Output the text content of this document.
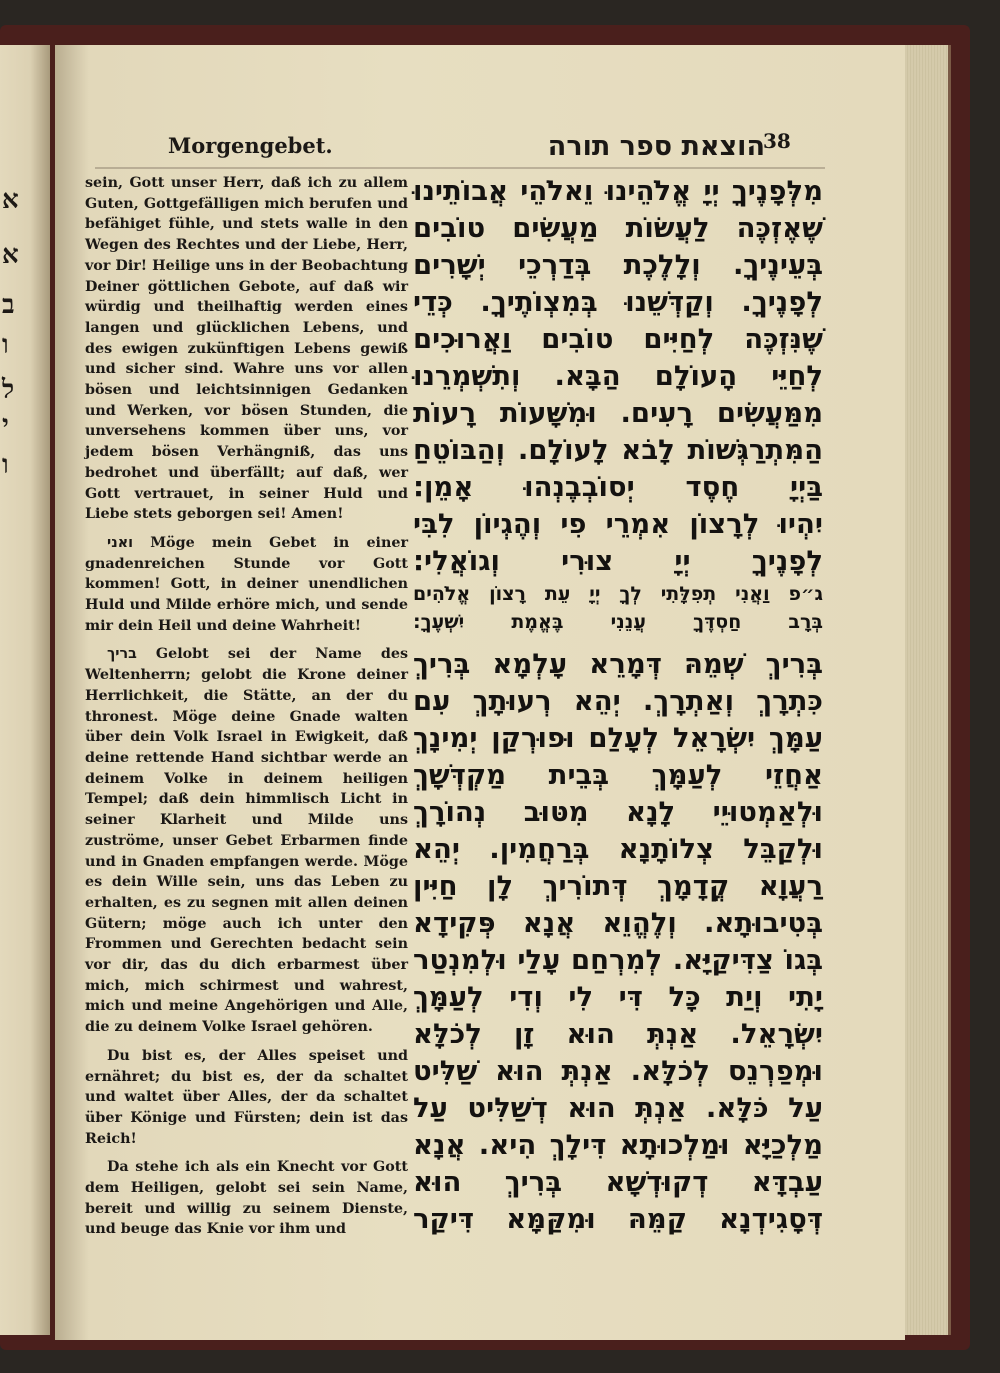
א
א
ב
ו
ל
י
ו
Morgengebet.	הוצאת ספר תורה
38

sein, Gott unser Herr, daß ich zu allem Guten, Gottgefälligen mich berufen und befähiget fühle, und stets walle in den Wegen des Rechtes und der Liebe, Herr, vor Dir! Heilige uns in der Beobachtung Deiner göttlichen Gebote, auf daß wir würdig und theilhaftig werden eines langen und glücklichen Lebens, und des ewigen zukünftigen Lebens gewiß und sicher sind. Wahre uns vor allen bösen und leichtsinnigen Gedanken und Werken, vor bösen Stunden, die unversehens kommen über uns, vor jedem bösen Verhängniß, das uns bedrohet und überfällt; auf daß, wer Gott vertrauet, in seiner Huld und Liebe stets geborgen sei! Amen!

ואני Möge mein Gebet in einer gnadenreichen Stunde vor Gott kommen! Gott, in deiner unendlichen Huld und Milde erhöre mich, und sende mir dein Heil und deine Wahrheit!

בריך Gelobt sei der Name des Weltenherrn; gelobt die Krone deiner Herrlichkeit, die Stätte, an der du thronest. Möge deine Gnade walten über dein Volk Israel in Ewigkeit, daß deine rettende Hand sichtbar werde an deinem Volke in deinem heiligen Tempel; daß dein himmlisch Licht in seiner Klarheit und Milde uns zuströme, unser Gebet Erbarmen finde und in Gnaden empfangen werde. Möge es dein Wille sein, uns das Leben zu erhalten, es zu segnen mit allen deinen Gütern; möge auch ich unter den Frommen und Gerechten bedacht sein vor dir, das du dich erbarmest über mich, mich schirmest und wahrest, mich und meine Angehörigen und Alle, die zu deinem Volke Israel gehören.

Du bist es, der Alles speiset und ernähret; du bist es, der da schaltet und waltet über Alles, der da schaltet über Könige und Fürsten; dein ist das Reich!

Da stehe ich als ein Knecht vor Gott dem Heiligen, gelobt sei sein Name, bereit und willig zu seinem Dienste, und beuge das Knie vor ihm und

מִלְּפָנֶיךָ יְיָ אֱלֹהֵינוּ וֵאלֹהֵי אֲבוֹתֵינוּ
שֶׁאֶזְכֶּה לַעֲשׂוֹת מַעֲשִׂים טוֹבִים
בְּעֵינֶיךָ. וְלָלֶכֶת בְּדַרְכֵי יְשָׁרִים
לְפָנֶיךָ. וְקַדְּשֵׁנוּ בְּמִצְוֹתֶיךָ. כְּדֵי
שֶׁנִּזְכֶּה לְחַיִּים טוֹבִים וַאֲרוּכִים
לְחַיֵּי הָעוֹלָם הַבָּא. וְתִשְׁמְרֵנוּ
מִמַּעֲשִׂים רָעִים. וּמִשָּׁעוֹת רָעוֹת
הַמִּתְרַגְּשׁוֹת לָבֹא לָעוֹלָם. וְהַבּוֹטֵחַ
בַּיְיָ חֶסֶד יְסוֹבְבֶנְהוּ אָמֵן:
יִהְיוּ לְרָצוֹן אִמְרֵי פִי וְהֶגְיוֹן לִבִּי
לְפָנֶיךָ יְיָ צוּרִי וְגוֹאֲלִי:
ג״פ וַאֲנִי תְפִלָּתִי לְךָ יְיָ עֵת רָצוֹן אֱלֹהִים
בְּרָב חַסְדֶּךָ עֲנֵנִי בֶּאֱמֶת יִשְׁעֶךָ:
בְּרִיךְ שְׁמֵהּ דְּמָרֵא עָלְמָא בְּרִיךְ
כִּתְרָךְ וְאַתְרָךְ. יְהֵא רְעוּתָךְ עִם
עַמָּךְ יִשְׂרָאֵל לְעָלַם וּפוּרְקַן יְמִינָךְ
אַחֲזֵי לְעַמָּךְ בְּבֵית מַקְדְּשָׁךְ
וּלְאַמְטוּיֵי לָנָא מִטּוּב נְהוֹרָךְ
וּלְקַבֵּל צְלוֹתָנָא בְּרַחֲמִין. יְהֵא
רַעֲוָא קֳדָמָךְ דְּתוֹרִיךְ לָן חַיִּין
בְּטִיבוּתָא. וְלֶהֱוֵא אֲנָא פְּקִידָא
בְּגוֹ צַדִּיקַיָּא. לְמִרְחַם עָלַי וּלְמִנְטַר
יָתִי וְיַת כָּל דִּי לִי וְדִי לְעַמָּךְ
יִשְׂרָאֵל. אַנְתְּ הוּא זָן לְכֹלָּא
וּמְפַרְנֵס לְכֹלָּא. אַנְתְּ הוּא שַׁלִּיט
עַל כֹּלָּא. אַנְתְּ הוּא דְשַׁלִּיט עַל
מַלְכַיָּא וּמַלְכוּתָא דִּילָךְ הִיא. אֲנָא
עַבְדָּא דְקוּדְשָׁא בְּרִיךְ הוּא
דְּסָגִידְנָא קַמֵּהּ וּמִקַּמָּא דִּיקַר
